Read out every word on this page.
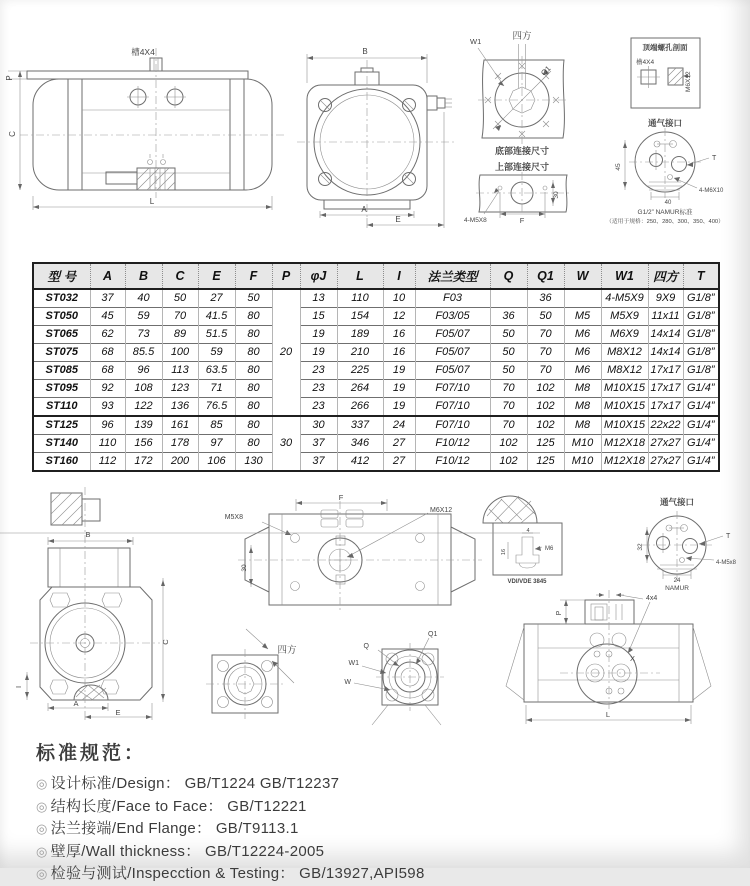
槽4X4
P
C
L
B
A
E
W1	四方
Q1
底部连接尺寸
上部连接尺寸
4-M5X8	F
30
顶端螺孔剖面
槽4X4
M6X12
通气接口
45
40
T
4-M6X10
G1/2” NAMUR标准
（适用于规格：250、280、300、350、400）
型 号	A	B	C	E	F	P	φJ	L	I	法兰类型	Q	Q1	W	W1	四方	T
ST032	37	40	50	27	50	20	13	110	10	F03		36		4-M5X9	9X9	G1/8”
ST050	45	59	70	41.5	80		15	154	12	F03/05	36	50	M5	M5X9	11x11	G1/8”
ST065	62	73	89	51.5	80		19	189	16	F05/07	50	70	M6	M6X9	14x14	G1/8”
ST075	68	85.5	100	59	80		19	210	16	F05/07	50	70	M6	M8X12	14x14	G1/8”
ST085	68	96	113	63.5	80		23	225	19	F05/07	50	70	M6	M8X12	17x17	G1/8”
ST095	92	108	123	71	80		23	264	19	F07/10	70	102	M8	M10X15	17x17	G1/4”
ST110	93	122	136	76.5	80		23	266	19	F07/10	70	102	M8	M10X15	17x17	G1/4”
ST125	96	139	161	85	80	30	30	337	24	F07/10	70	102	M8	M10X15	22x22	G1/4”
ST140	110	156	178	97	80		37	346	27	F10/12	102	125	M10	M12X18	27x27	G1/4”
ST160	112	172	200	106	130		37	412	27	F10/12	102	125	M10	M12X18	27x27	G1/4”
B
C
A
E
I
F
M5X8
M6X12
30
4
16	M6
VDI/VDE 3845
通气接口
32
24
T
4-M5x8
NAMUR
四方
Q1
Q
W1
W
P
4x4
X
L
标准规范：
◎ 设计标准/Design： GB/T1224 GB/T12237
◎ 结构长度/Face to Face： GB/T12221
◎ 法兰接端/End Flange： GB/T9113.1
◎ 壁厚/Wall thickness： GB/T12224-2005
◎ 检验与测试/Inspecction & Testing： GB/13927,API598
